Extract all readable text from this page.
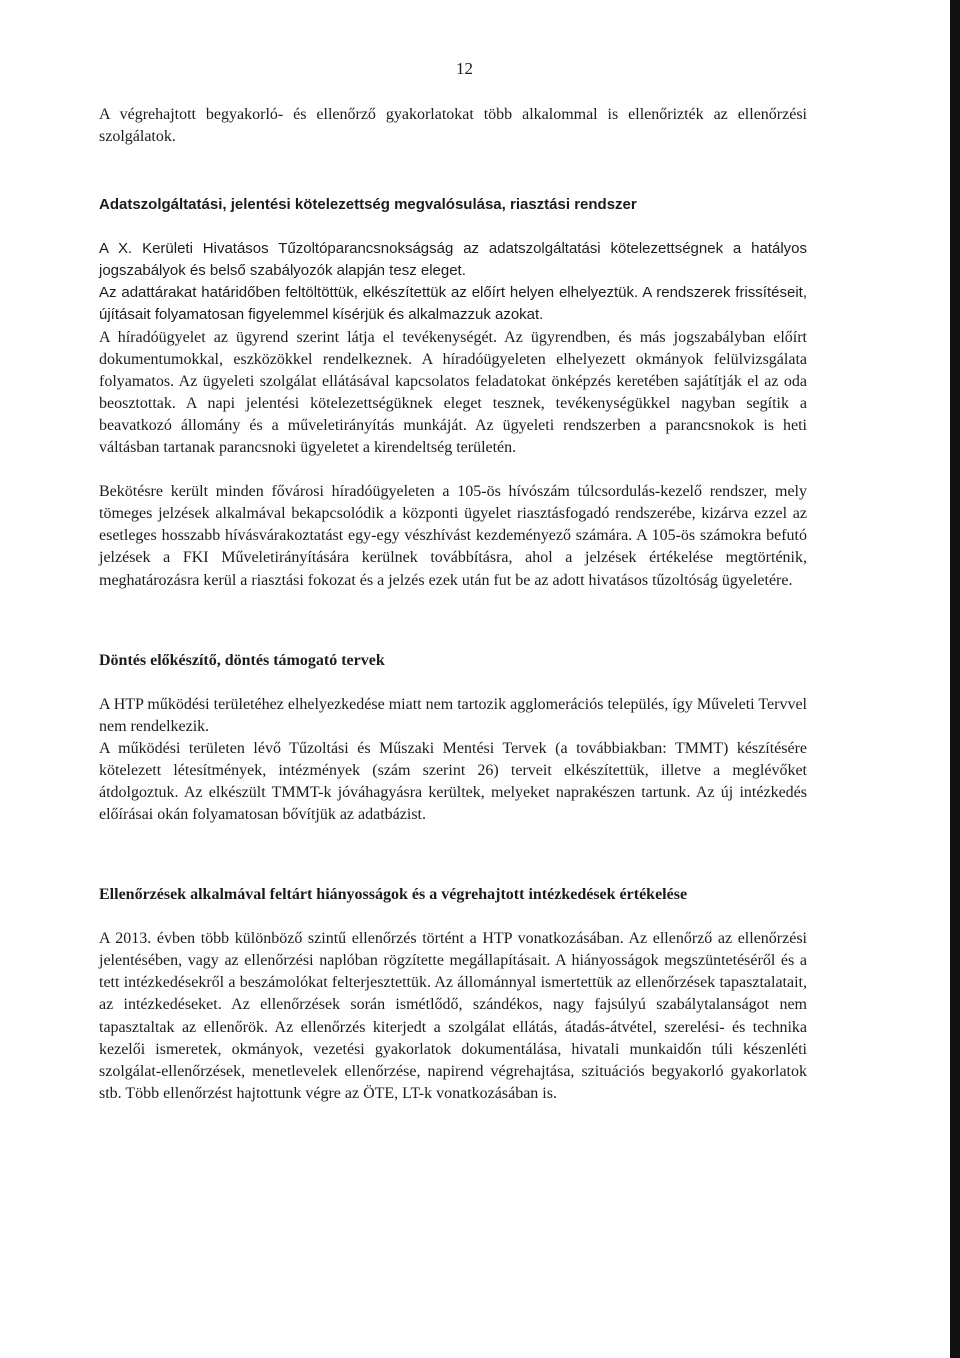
12

A végrehajtott begyakorló- és ellenőrző gyakorlatokat több alkalommal is ellenőrizték az ellenőrzési szolgálatok.

Adatszolgáltatási, jelentési kötelezettség megvalósulása, riasztási rendszer

A X. Kerületi Hivatásos Tűzoltóparancsnokságság az adatszolgáltatási kötelezettségnek a hatályos jogszabályok és belső szabályozók alapján tesz eleget.

Az adattárakat határidőben feltöltöttük, elkészítettük az előírt helyen elhelyeztük. A rendszerek frissítéseit, újításait folyamatosan figyelemmel kísérjük és alkalmazzuk azokat.

A híradóügyelet az ügyrend szerint látja el tevékenységét. Az ügyrendben, és más jogszabályban előírt dokumentumokkal, eszközökkel rendelkeznek. A híradóügyeleten elhelyezett okmányok felülvizsgálata folyamatos. Az ügyeleti szolgálat ellátásával kapcsolatos feladatokat önképzés keretében sajátítják el az oda beosztottak. A napi jelentési kötelezettségüknek eleget tesznek, tevékenységükkel nagyban segítik a beavatkozó állomány és a műveletirányítás munkáját. Az ügyeleti rendszerben a parancsnokok is heti váltásban tartanak parancsnoki ügyeletet a kirendeltség területén.

Bekötésre került minden fővárosi híradóügyeleten a 105-ös hívószám túlcsordulás-kezelő rendszer, mely tömeges jelzések alkalmával bekapcsolódik a központi ügyelet riasztásfogadó rendszerébe, kizárva ezzel az esetleges hosszabb hívásvárakoztatást egy-egy vészhívást kezdeményező számára. A 105-ös számokra befutó jelzések a FKI Műveletirányítására kerülnek továbbításra, ahol a jelzések értékelése megtörténik, meghatározásra kerül a riasztási fokozat és a jelzés ezek után fut be az adott hivatásos tűzoltóság ügyeletére.

Döntés előkészítő, döntés támogató tervek

A HTP működési területéhez elhelyezkedése miatt nem tartozik agglomerációs település, így Műveleti Tervvel nem rendelkezik.

A működési területen lévő Tűzoltási és Műszaki Mentési Tervek (a továbbiakban: TMMT) készítésére kötelezett létesítmények, intézmények (szám szerint 26) terveit elkészítettük, illetve a meglévőket átdolgoztuk. Az elkészült TMMT-k jóváhagyásra kerültek, melyeket naprakészen tartunk. Az új intézkedés előírásai okán folyamatosan bővítjük az adatbázist.

Ellenőrzések alkalmával feltárt hiányosságok és a végrehajtott intézkedések értékelése

A 2013. évben több különböző szintű ellenőrzés történt a HTP vonatkozásában. Az ellenőrző az ellenőrzési jelentésében, vagy az ellenőrzési naplóban rögzítette megállapításait. A hiányosságok megszüntetéséről és a tett intézkedésekről a beszámolókat felterjesztettük. Az állománnyal ismertettük az ellenőrzések tapasztalatait, az intézkedéseket. Az ellenőrzések során ismétlődő, szándékos, nagy fajsúlyú szabálytalanságot nem tapasztaltak az ellenőrök. Az ellenőrzés kiterjedt a szolgálat ellátás, átadás-átvétel, szerelési- és technika kezelői ismeretek, okmányok, vezetési gyakorlatok dokumentálása, hivatali munkaidőn túli készenléti szolgálat-ellenőrzések, menetlevelek ellenőrzése, napirend végrehajtása, szituációs begyakorló gyakorlatok stb. Több ellenőrzést hajtottunk végre az ÖTE, LT-k vonatkozásában is.
